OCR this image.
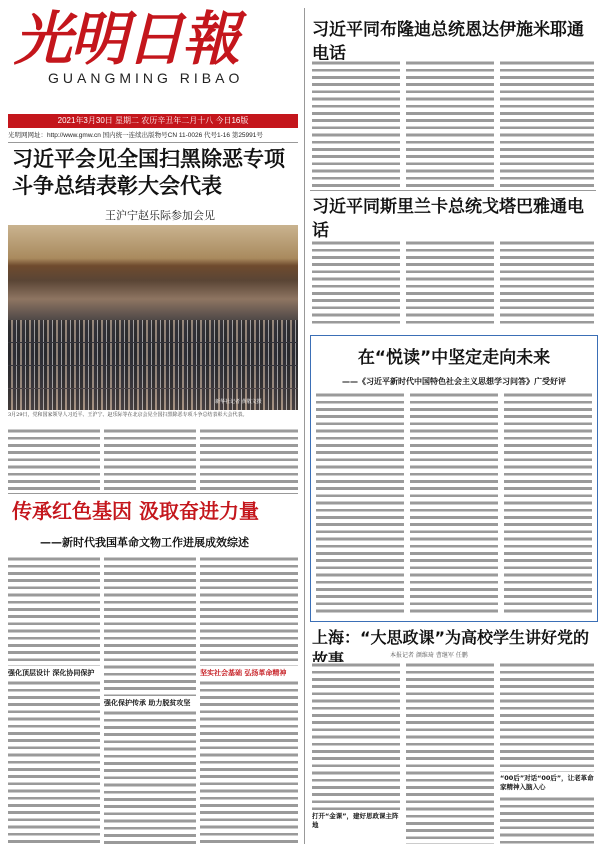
光明日報
GUANGMING RIBAO
2021年3月30日 星期二 农历辛丑年二月十八 今日16版
光明网网址：http://www.gmw.cn 国内统一连续出版物号CN 11-0026 代号1-16 第25991号
习近平会见全国扫黑除恶专项斗争总结表彰大会代表
王沪宁赵乐际参加会见
新华社记者 黄敬文摄
3月29日，党和国家领导人习近平、王沪宁、赵乐际等在北京会见全国扫黑除恶专项斗争总结表彰大会代表。
传承红色基因 汲取奋进力量
——新时代我国革命文物工作进展成效综述
强化顶层设计 深化协同保护
强化保护传承 助力脱贫攻坚
坚实社会基础 弘扬革命精神
习近平同布隆迪总统恩达伊施米耶通电话
习近平同斯里兰卡总统戈塔巴雅通电话
在“悦读”中坚定走向未来
——《习近平新时代中国特色社会主义思想学习问答》广受好评
上海：“大思政课”为高校学生讲好党的故事	本报记者 颜维琦 曹继军 任鹏
打开“金课”，建好思政课主阵地
“00后”对话“00后”，让老革命家精神入脑入心
